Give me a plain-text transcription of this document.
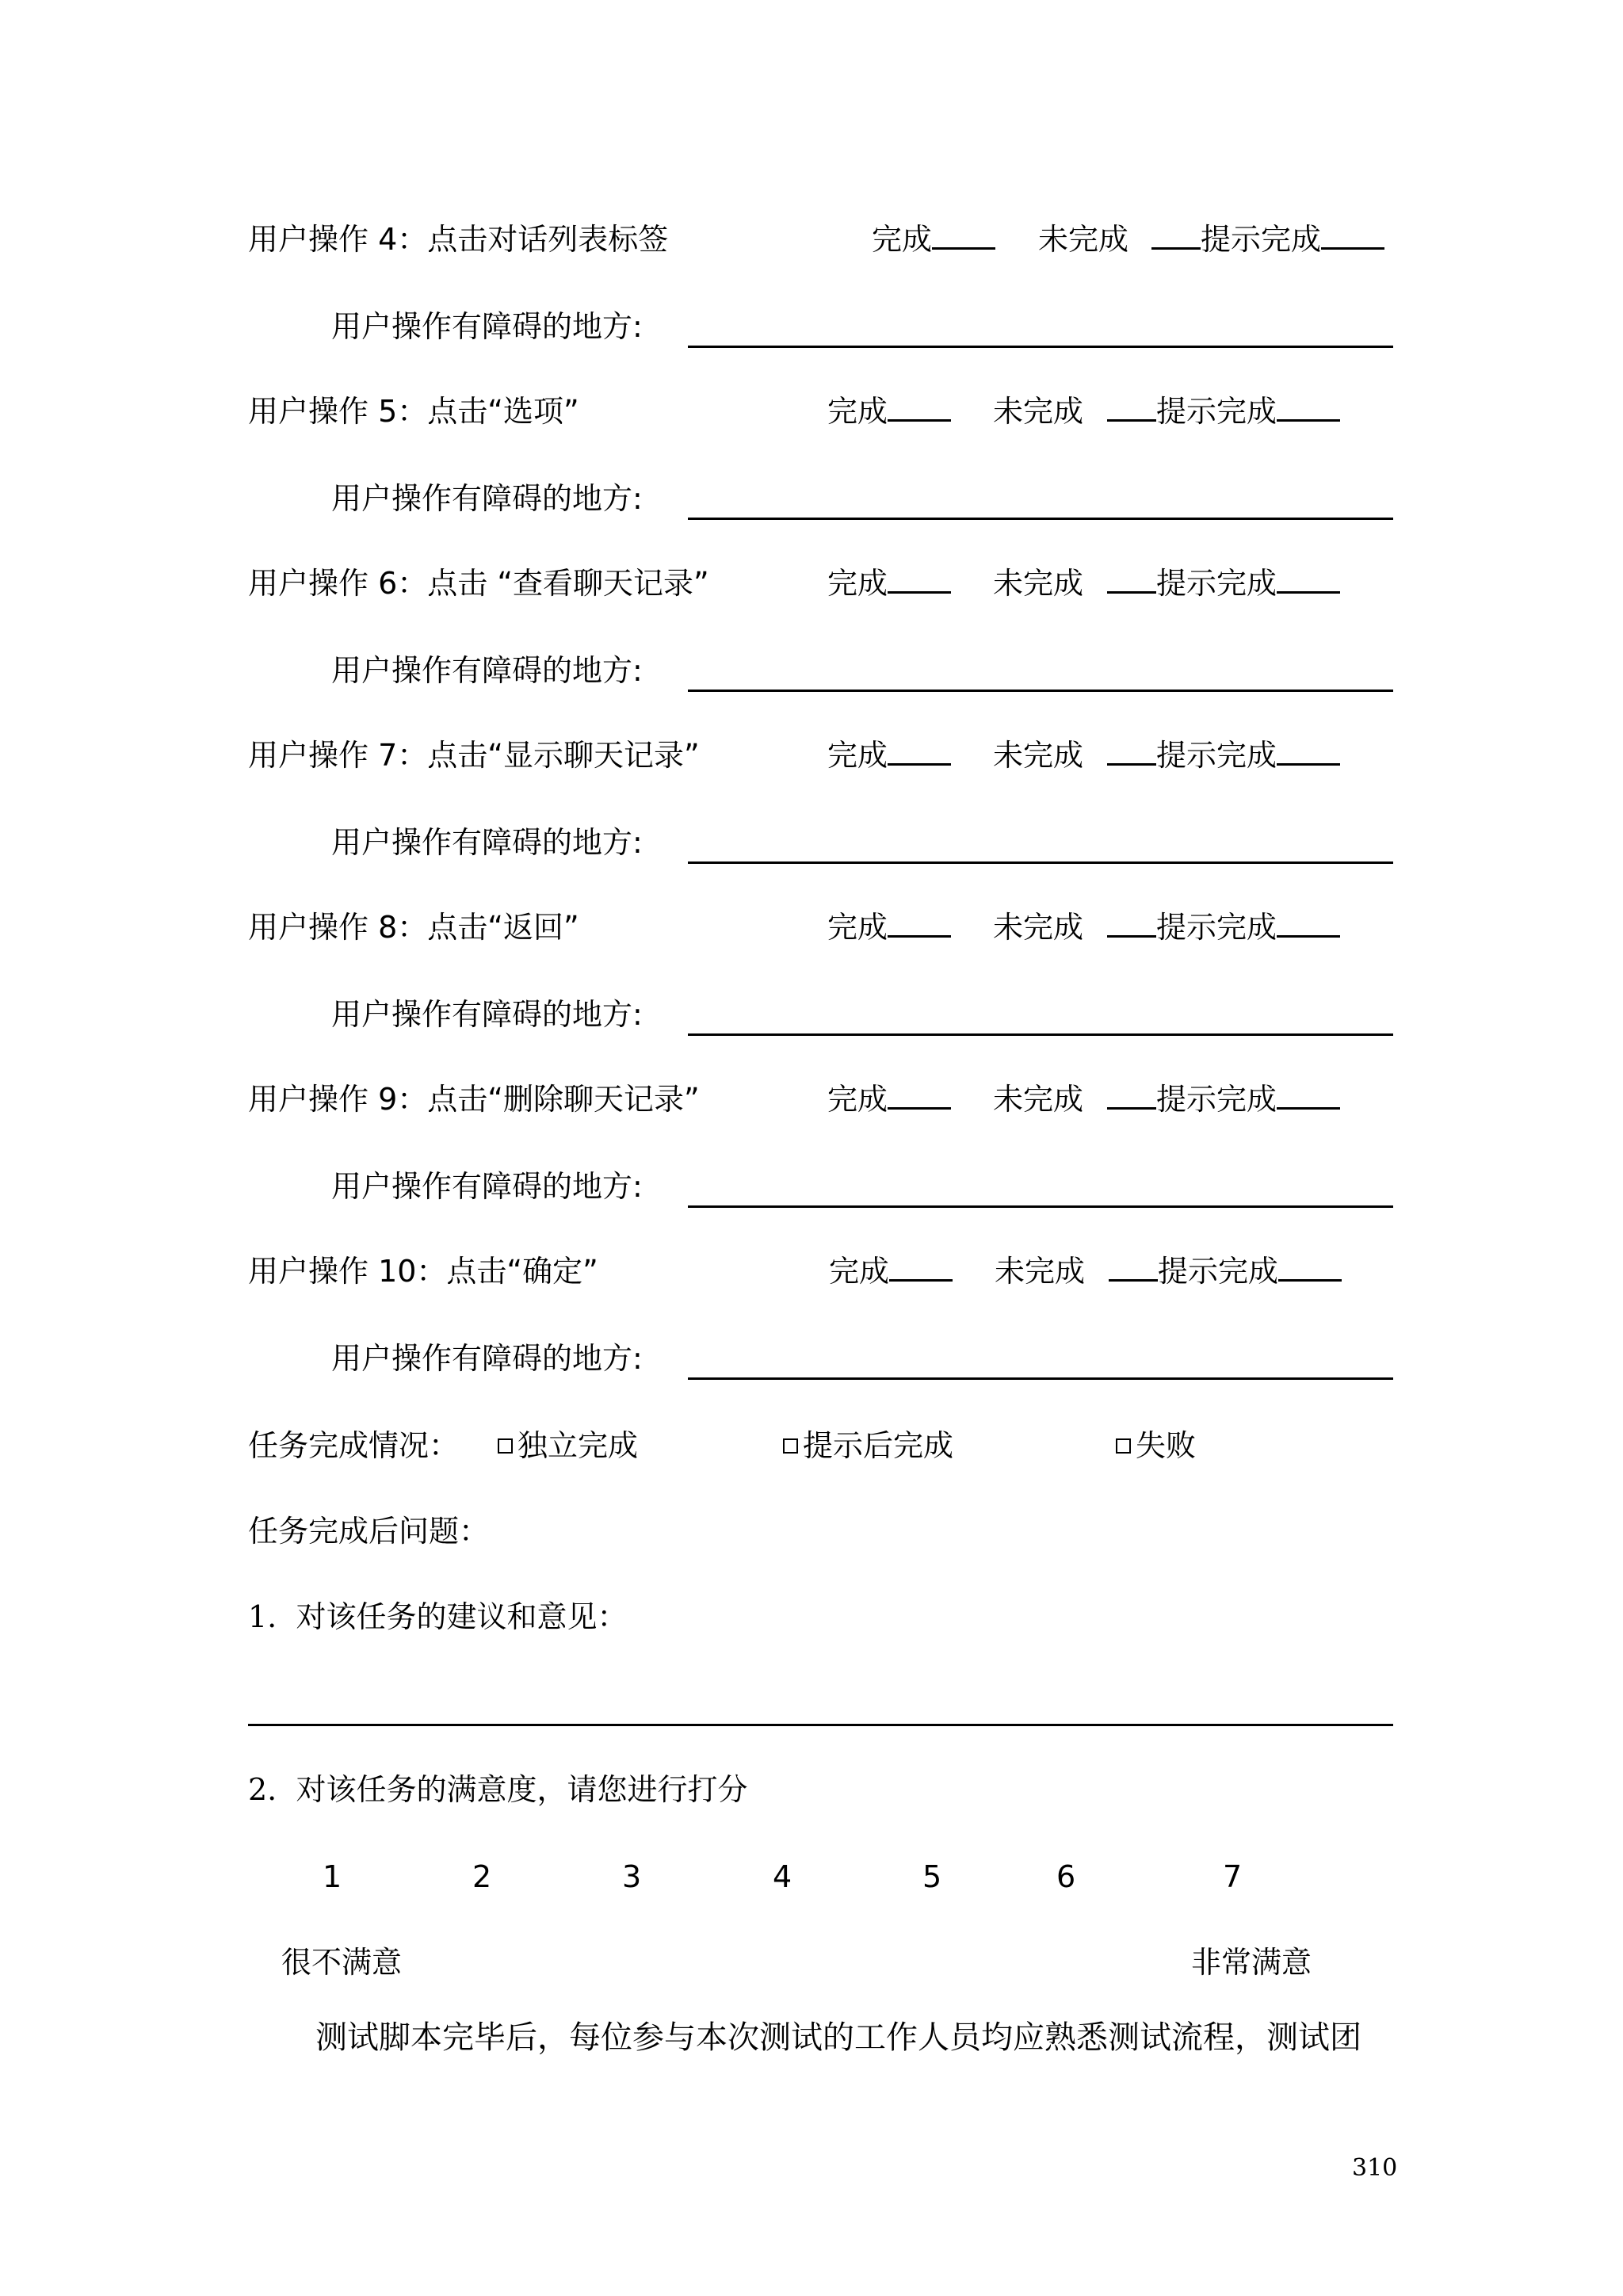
用户操作 4：点击对话列表标签	完成	未完成	提示完成
用户操作有障碍的地方:
用户操作 5：点击“选项”	完成	未完成	提示完成
用户操作有障碍的地方:
用户操作 6：点击 “查看聊天记录”	完成	未完成	提示完成
用户操作有障碍的地方:
用户操作 7：点击“显示聊天记录”	完成	未完成	提示完成
用户操作有障碍的地方:
用户操作 8：点击“返回”	完成	未完成	提示完成
用户操作有障碍的地方:
用户操作 9：点击“删除聊天记录”	完成	未完成	提示完成
用户操作有障碍的地方:
用户操作 10：点击“确定”	完成	未完成	提示完成
用户操作有障碍的地方:
任务完成情况：	独立完成	提示后完成	失败
任务完成后问题：
1. 对该任务的建议和意见：
2. 对该任务的满意度，请您进行打分
1	2	3	4	5	6	7
很不满意	非常满意
测试脚本完毕后，每位参与本次测试的工作人员均应熟悉测试流程，测试团
310
